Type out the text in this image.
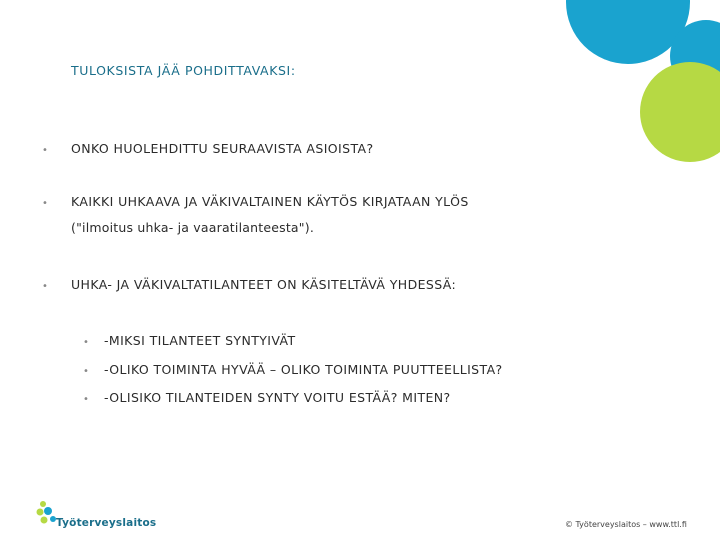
TULOKSISTA JÄÄ POHDITTAVAKSI:
• ONKO HUOLEHDITTU SEURAAVISTA ASIOISTA?
• KAIKKI UHKAAVA JA VÄKIVALTAINEN KÄYTÖS KIRJATAAN YLÖS
("ilmoitus uhka- ja vaaratilanteesta").
• UHKA- JA VÄKIVALTATILANTEET ON KÄSITELTÄVÄ YHDESSÄ:
• -MIKSI TILANTEET SYNTYIVÄT
• -OLIKO TOIMINTA HYVÄÄ – OLIKO TOIMINTA PUUTTEELLISTA?
• -OLISIKO TILANTEIDEN SYNTY VOITU ESTÄÄ? MITEN?
Työterveyslaitos	© Työterveyslaitos – www.ttl.fi
